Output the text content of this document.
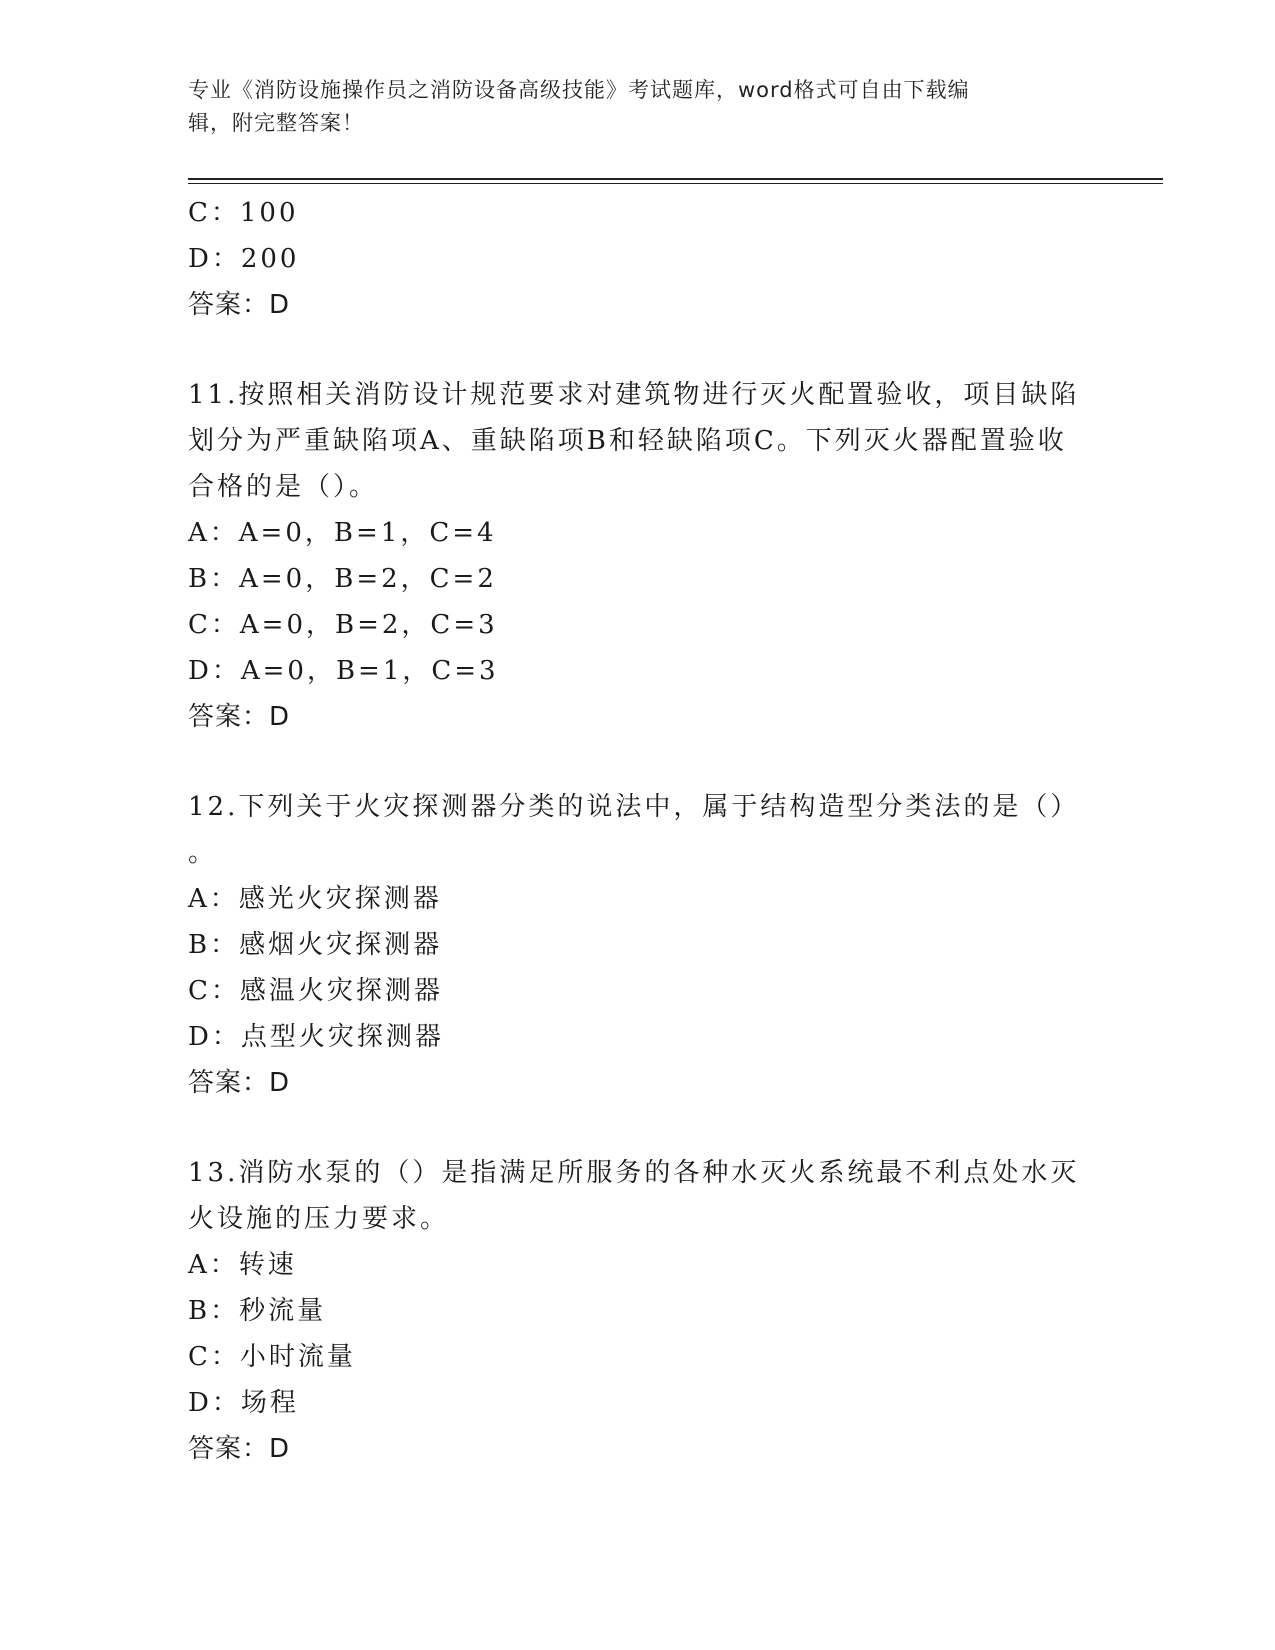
专业《消防设施操作员之消防设备高级技能》考试题库，word格式可自由下载编
辑，附完整答案！
C：100
D：200
答案：D
11.按照相关消防设计规范要求对建筑物进行灭火配置验收，项目缺陷
划分为严重缺陷项A、重缺陷项B和轻缺陷项C。下列灭火器配置验收
合格的是（）。
A：A=0，B=1，C=4
B：A=0，B=2，C=2
C：A=0，B=2，C=3
D：A=0，B=1，C=3
答案：D
12.下列关于火灾探测器分类的说法中，属于结构造型分类法的是（）
。
A：感光火灾探测器
B：感烟火灾探测器
C：感温火灾探测器
D：点型火灾探测器
答案：D
13.消防水泵的（）是指满足所服务的各种水灭火系统最不利点处水灭
火设施的压力要求。
A：转速
B：秒流量
C：小时流量
D：场程
答案：D
